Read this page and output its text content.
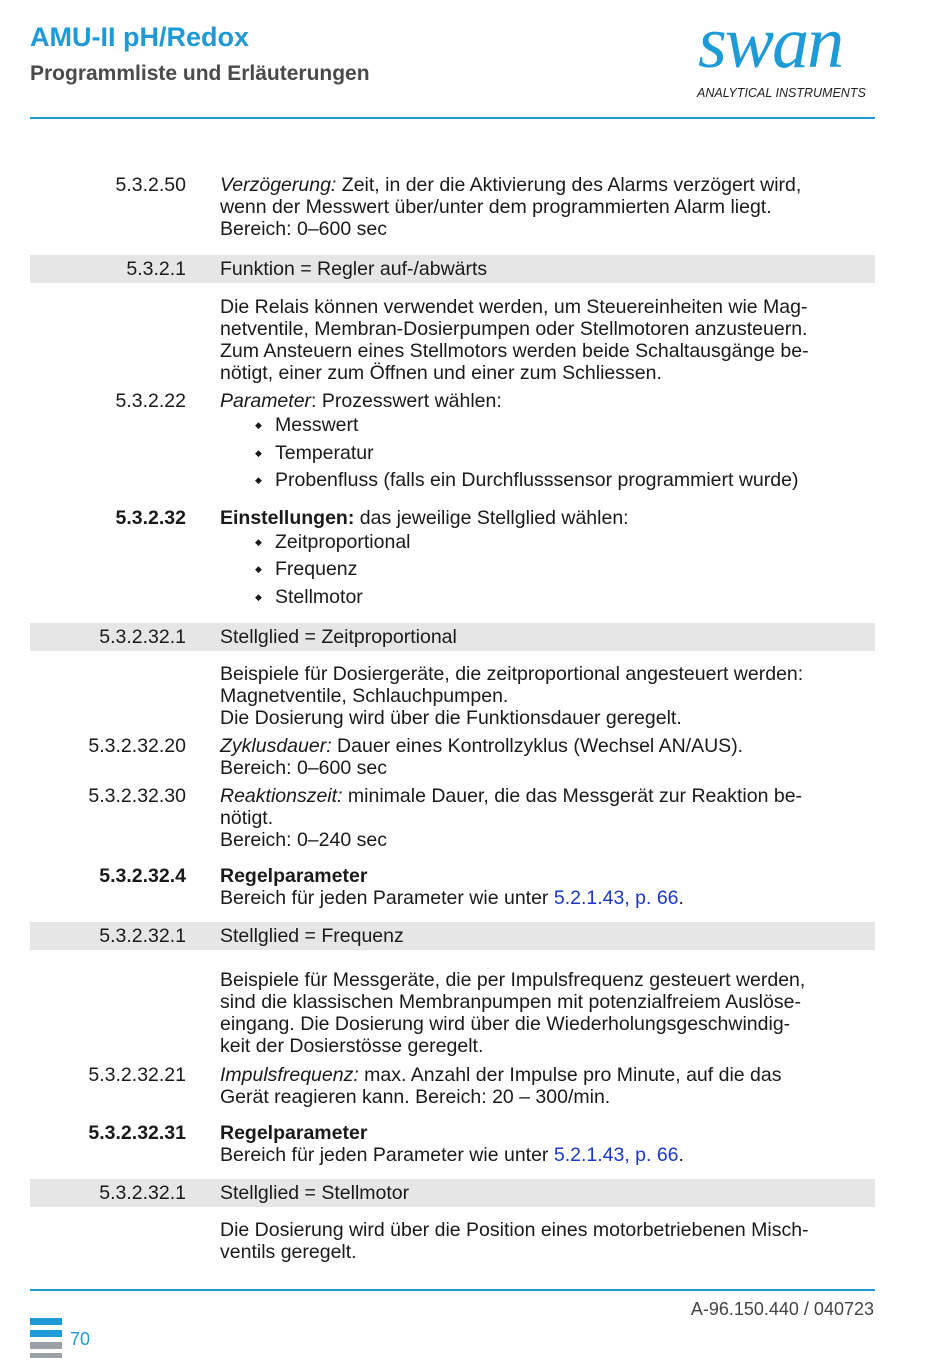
AMU-II pH/Redox
Programmliste und Erläuterungen	swan
ANALYTICAL INSTRUMENTS
5.3.2.50	Verzögerung: Zeit, in der die Aktivierung des Alarms verzögert wird,
wenn der Messwert über/unter dem programmierten Alarm liegt.
Bereich: 0–600 sec
5.3.2.1	Funktion = Regler auf-/abwärts
Die Relais können verwendet werden, um Steuereinheiten wie Mag-
netventile, Membran-Dosierpumpen oder Stellmotoren anzusteuern.
Zum Ansteuern eines Stellmotors werden beide Schaltausgänge be-
nötigt, einer zum Öffnen und einer zum Schliessen.
5.3.2.22	Parameter: Prozesswert wählen:
◆ Messwert
◆ Temperatur
◆ Probenfluss (falls ein Durchflusssensor programmiert wurde)
5.3.2.32	Einstellungen: das jeweilige Stellglied wählen:
◆ Zeitproportional
◆ Frequenz
◆ Stellmotor
5.3.2.32.1	Stellglied = Zeitproportional
Beispiele für Dosiergeräte, die zeitproportional angesteuert werden:
Magnetventile, Schlauchpumpen.
Die Dosierung wird über die Funktionsdauer geregelt.
5.3.2.32.20	Zyklusdauer: Dauer eines Kontrollzyklus (Wechsel AN/AUS).
Bereich: 0–600 sec
5.3.2.32.30	Reaktionszeit: minimale Dauer, die das Messgerät zur Reaktion be-
nötigt.
Bereich: 0–240 sec
5.3.2.32.4	Regelparameter
Bereich für jeden Parameter wie unter 5.2.1.43, p. 66.
5.3.2.32.1	Stellglied = Frequenz
Beispiele für Messgeräte, die per Impulsfrequenz gesteuert werden,
sind die klassischen Membranpumpen mit potenzialfreiem Auslöse-
eingang. Die Dosierung wird über die Wiederholungsgeschwindig-
keit der Dosierstösse geregelt.
5.3.2.32.21	Impulsfrequenz: max. Anzahl der Impulse pro Minute, auf die das
Gerät reagieren kann. Bereich: 20 – 300/min.
5.3.2.32.31	Regelparameter
Bereich für jeden Parameter wie unter 5.2.1.43, p. 66.
5.3.2.32.1	Stellglied = Stellmotor
Die Dosierung wird über die Position eines motorbetriebenen Misch-
ventils geregelt.
A-96.150.440 / 040723
70
